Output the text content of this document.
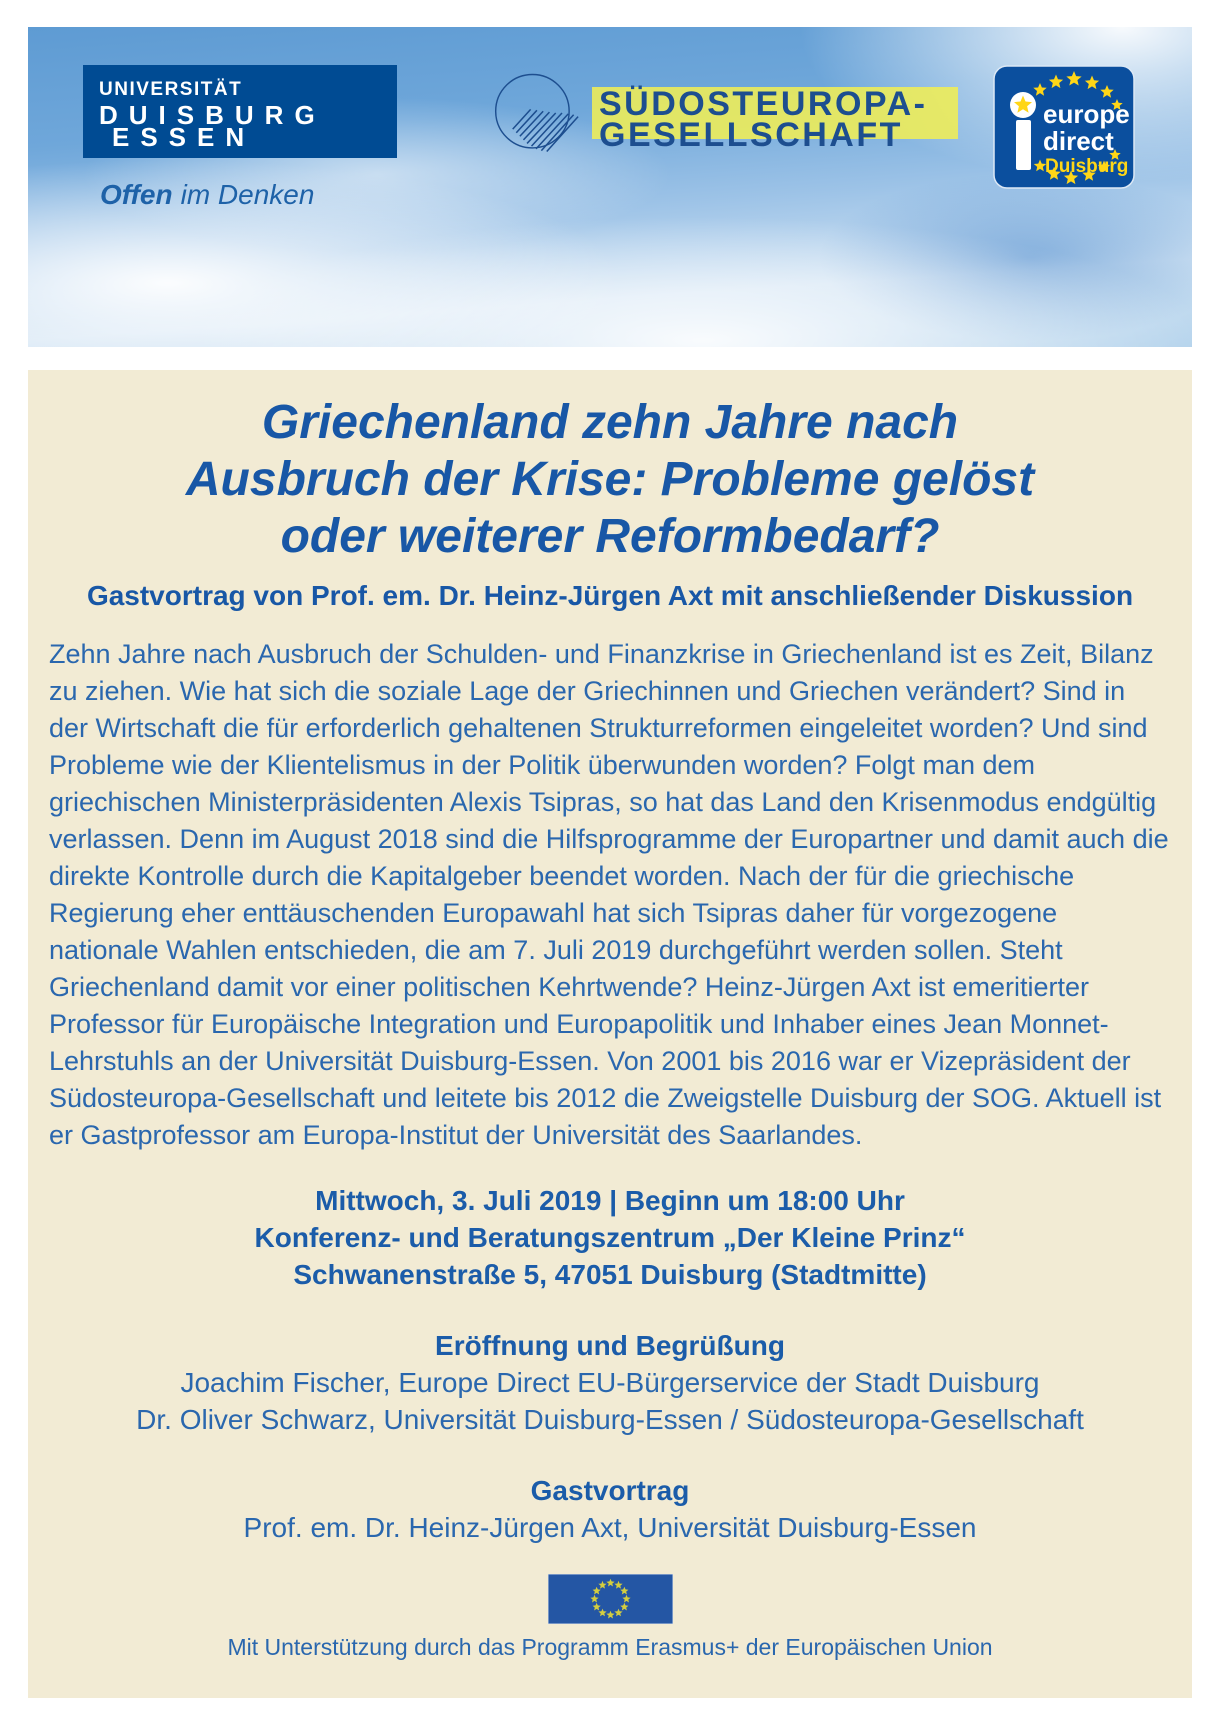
UNIVERSITÄT
DUISBURG
ESSEN
Offen im Denken
SÜDOSTEUROPA-
GESELLSCHAFT
europe
direct
Duisburg
Griechenland zehn Jahre nach
Ausbruch der Krise: Probleme gelöst
oder weiterer Reformbedarf?
Gastvortrag von Prof. em. Dr. Heinz-Jürgen Axt mit anschließender Diskussion
Zehn Jahre nach Ausbruch der Schulden- und Finanzkrise in Griechenland ist es Zeit, Bilanz zu ziehen. Wie hat sich die soziale Lage der Griechinnen und Griechen verändert? Sind in der Wirtschaft die für erforderlich gehaltenen Strukturreformen eingeleitet worden? Und sind Probleme wie der Klientelismus in der Politik überwunden worden? Folgt man dem griechischen Ministerpräsidenten Alexis Tsipras, so hat das Land den Krisenmodus endgültig verlassen. Denn im August 2018 sind die Hilfsprogramme der Europartner und damit auch die direkte Kontrolle durch die Kapitalgeber beendet worden. Nach der für die griechische Regierung eher enttäuschenden Europawahl hat sich Tsipras daher für vorgezogene nationale Wahlen entschieden, die am 7. Juli 2019 durchgeführt werden sollen. Steht Griechenland damit vor einer politischen Kehrtwende? Heinz-Jürgen Axt ist emeritierter Professor für Europäische Integration und Europapolitik und Inhaber eines Jean Monnet-Lehrstuhls an der Universität Duisburg-Essen. Von 2001 bis 2016 war er Vizepräsident der Südosteuropa-Gesellschaft und leitete bis 2012 die Zweigstelle Duisburg der SOG. Aktuell ist er Gastprofessor am Europa-Institut der Universität des Saarlandes.
Mittwoch, 3. Juli 2019 | Beginn um 18:00 Uhr
Konferenz- und Beratungszentrum „Der Kleine Prinz“
Schwanenstraße 5, 47051 Duisburg (Stadtmitte)
Eröffnung und Begrüßung
Joachim Fischer, Europe Direct EU-Bürgerservice der Stadt Duisburg
Dr. Oliver Schwarz, Universität Duisburg-Essen / Südosteuropa-Gesellschaft
Gastvortrag
Prof. em. Dr. Heinz-Jürgen Axt, Universität Duisburg-Essen
Mit Unterstützung durch das Programm Erasmus+ der Europäischen Union
